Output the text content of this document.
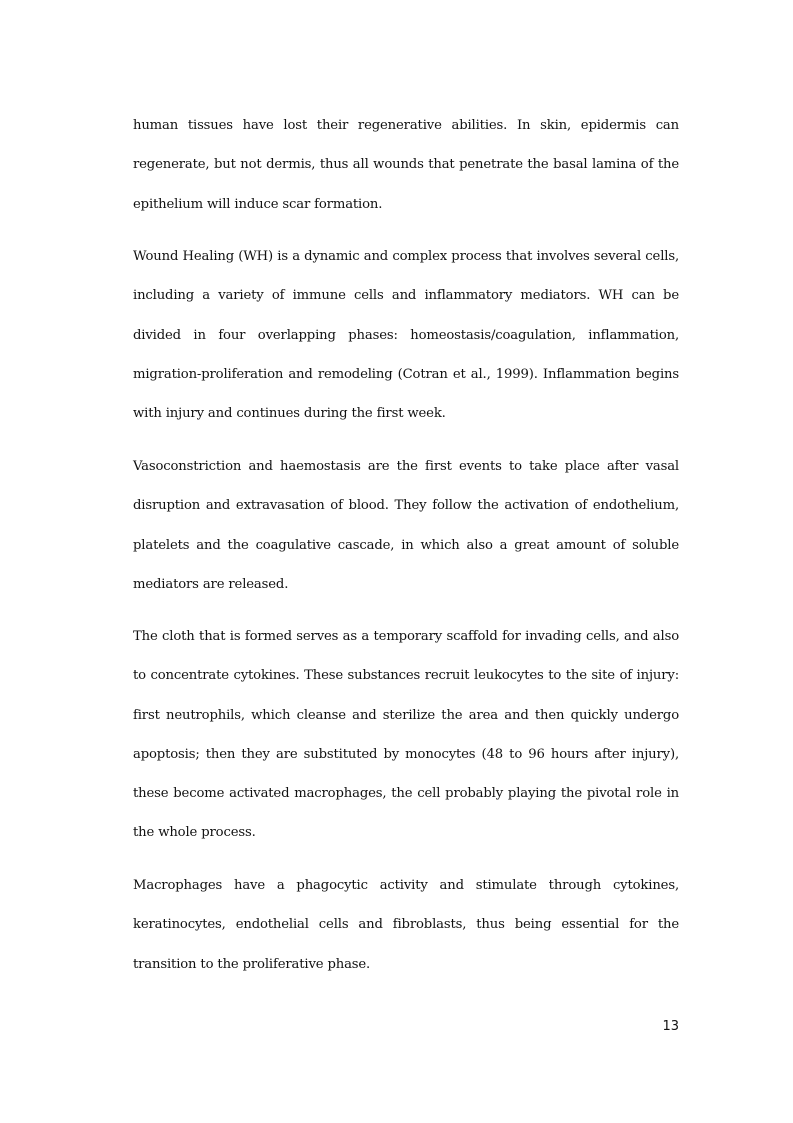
human tissues have lost their regenerative abilities. In skin, epidermis can regenerate, but not dermis, thus all wounds that penetrate the basal lamina of the epithelium will induce scar formation.

Wound Healing (WH) is a dynamic and complex process that involves several cells, including a variety of immune cells and inflammatory mediators. WH can be divided in four overlapping phases: homeostasis/coagulation, inflammation, migration-proliferation and remodeling (Cotran et al., 1999). Inflammation begins with injury and continues during the first week.

Vasoconstriction and haemostasis are the first events to take place after vasal disruption and extravasation of blood. They follow the activation of endothelium, platelets and the coagulative cascade, in which also a great amount of soluble mediators are released.

The cloth that is formed serves as a temporary scaffold for invading cells, and also to concentrate cytokines. These substances recruit leukocytes to the site of injury: first neutrophils, which cleanse and sterilize the area and then quickly undergo apoptosis; then they are substituted by monocytes (48 to 96 hours after injury), these become activated macrophages, the cell probably playing the pivotal role in the whole process.

Macrophages have a phagocytic activity and stimulate through cytokines, keratinocytes, endothelial cells and fibroblasts, thus being essential for the transition to the proliferative phase.

13
